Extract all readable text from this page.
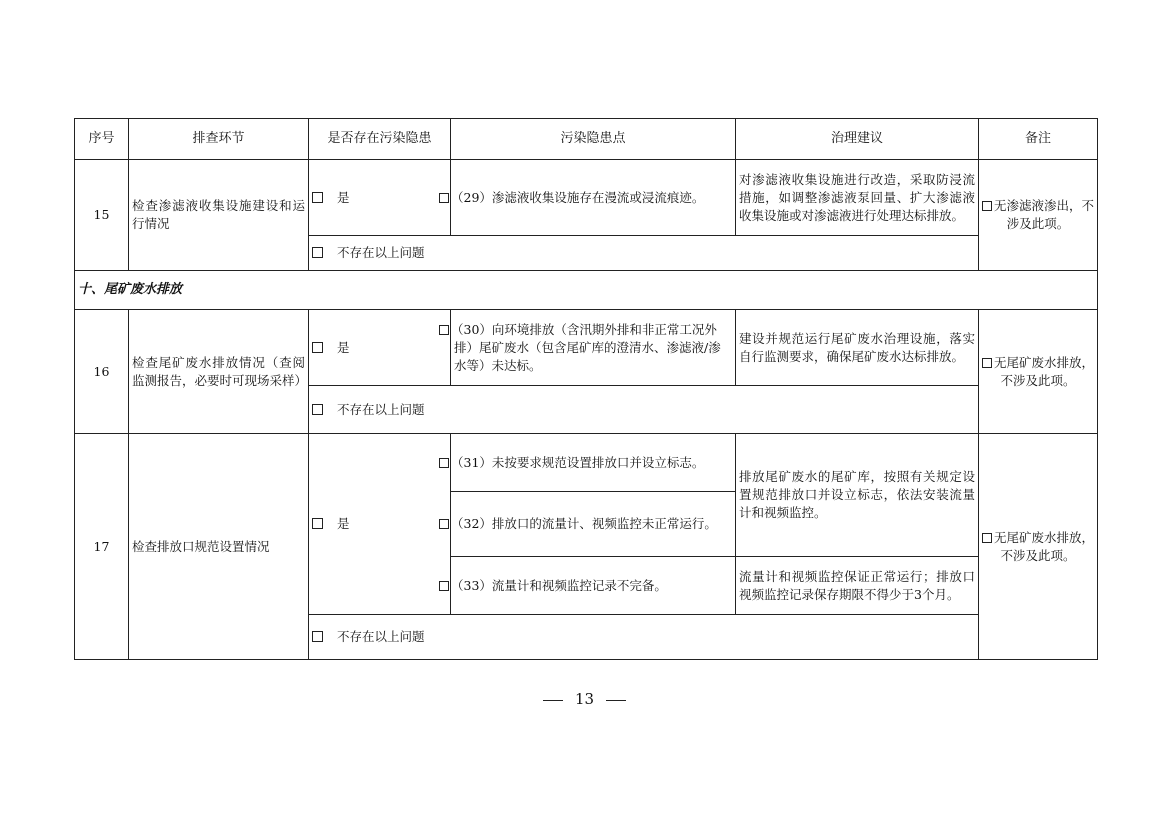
序号	排查环节	是否存在污染隐患	污染隐患点	治理建议	备注
15	检查渗滤液收集设施建设和运行情况	是	（29）渗滤液收集设施存在漫流或浸流痕迹。	对渗滤液收集设施进行改造，采取防浸流措施，如调整渗滤液泵回量、扩大渗滤液收集设施或对渗滤液进行处理达标排放。	无渗滤液渗出，不涉及此项。
		不存在以上问题			
十、尾矿废水排放					
16	检查尾矿废水排放情况（查阅监测报告，必要时可现场采样）	是	（30）向环境排放（含汛期外排和非正常工况外排）尾矿废水（包含尾矿库的澄清水、渗滤液/渗水等）未达标。	建设并规范运行尾矿废水治理设施，落实自行监测要求，确保尾矿废水达标排放。	无尾矿废水排放，不涉及此项。
		不存在以上问题			
17	检查排放口规范设置情况	是	（31）未按要求规范设置排放口并设立标志。	排放尾矿废水的尾矿库，按照有关规定设置规范排放口并设立标志，依法安装流量计和视频监控。	无尾矿废水排放，不涉及此项。
			（32）排放口的流量计、视频监控未正常运行。		
			（33）流量计和视频监控记录不完备。	流量计和视频监控保证正常运行；排放口视频监控记录保存期限不得少于3个月。	
		不存在以上问题			
13
